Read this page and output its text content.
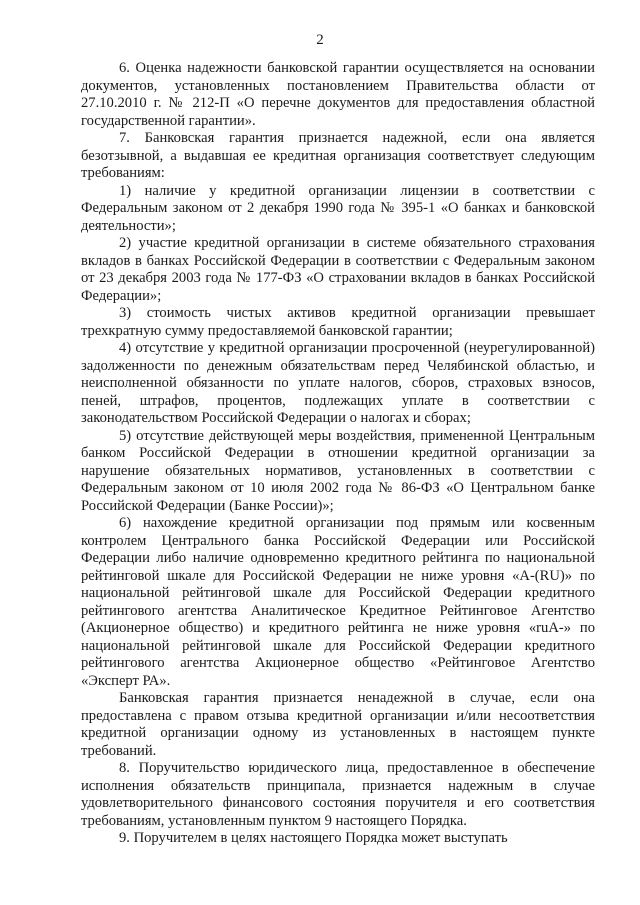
2

6. Оценка надежности банковской гарантии осуществляется на основании документов, установленных постановлением Правительства области от 27.10.2010 г. № 212-П «О перечне документов для предоставления областной государственной гарантии».

7. Банковская гарантия признается надежной, если она является безотзывной, а выдавшая ее кредитная организация соответствует следующим требованиям:

1) наличие у кредитной организации лицензии в соответствии с Федеральным законом от 2 декабря 1990 года № 395-1 «О банках и банковской деятельности»;

2) участие кредитной организации в системе обязательного страхования вкладов в банках Российской Федерации в соответствии с Федеральным законом от 23 декабря 2003 года № 177-ФЗ «О страховании вкладов в банках Российской Федерации»;

3) стоимость чистых активов кредитной организации превышает трехкратную сумму предоставляемой банковской гарантии;

4) отсутствие у кредитной организации просроченной (неурегулированной) задолженности по денежным обязательствам перед Челябинской областью, и неисполненной обязанности по уплате налогов, сборов, страховых взносов, пеней, штрафов, процентов, подлежащих уплате в соответствии с законодательством Российской Федерации о налогах и сборах;

5) отсутствие действующей меры воздействия, примененной Центральным банком Российской Федерации в отношении кредитной организации за нарушение обязательных нормативов, установленных в соответствии с Федеральным законом от 10 июля 2002 года № 86-ФЗ «О Центральном банке Российской Федерации (Банке России)»;

6) нахождение кредитной организации под прямым или косвенным контролем Центрального банка Российской Федерации или Российской Федерации либо наличие одновременно кредитного рейтинга по национальной рейтинговой шкале для Российской Федерации не ниже уровня «A-(RU)» по национальной рейтинговой шкале для Российской Федерации кредитного рейтингового агентства Аналитическое Кредитное Рейтинговое Агентство (Акционерное общество) и кредитного рейтинга не ниже уровня «ruA-» по национальной рейтинговой шкале для Российской Федерации кредитного рейтингового агентства Акционерное общество «Рейтинговое Агентство «Эксперт РА».

Банковская гарантия признается ненадежной в случае, если она предоставлена с правом отзыва кредитной организации и/или несоответствия кредитной организации одному из установленных в настоящем пункте требований.

8. Поручительство юридического лица, предоставленное в обеспечение исполнения обязательств принципала, признается надежным в случае удовлетворительного финансового состояния поручителя и его соответствия требованиям, установленным пунктом 9 настоящего Порядка.

9. Поручителем в целях настоящего Порядка может выступать
